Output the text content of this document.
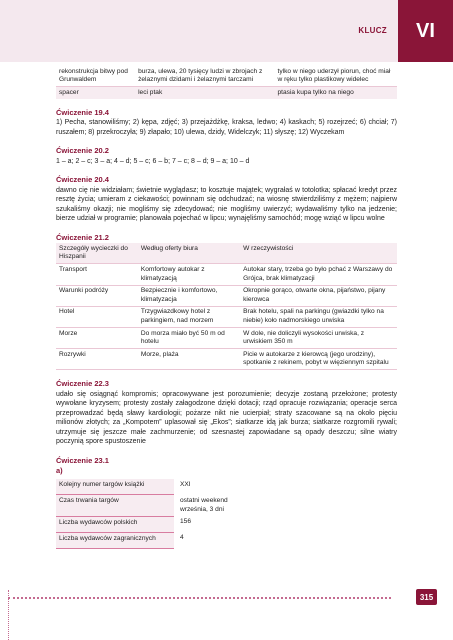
KLUCZ	VI
rekonstrukcja bitwy pod Grunwaldem	burza, ulewa, 20 tysięcy ludzi w zbrojach z żelaznymi dzidami i żelaznymi tarczami	tylko w niego uderzył piorun, choć miał w ręku tylko plastikowy widelec
spacer	leci ptak	ptasia kupa tylko na niego
Ćwiczenie 19.4
1) Pecha, stanowiliśmy; 2) kępa, zdjęć; 3) przejażdżkę, kraksa, ledwo; 4) kaskach; 5) rozejrzeć; 6) chciał; 7) ruszałem; 8) przekroczyła; 9) złapało; 10) ulewa, dzidy, Widelczyk; 11) słyszę; 12) Wyczekam
Ćwiczenie 20.2
1 – a; 2 – c; 3 – a; 4 – d; 5 – c; 6 – b; 7 – c; 8 – d; 9 – a; 10 – d
Ćwiczenie 20.4
dawno cię nie widziałam; świetnie wyglądasz; to kosztuje majątek; wygrałaś w totolotka; spłacać kredyt przez resztę życia; umieram z ciekawości; powinnam się odchudzać; na wiosnę stwierdziliśmy z mężem; najpierw szukaliśmy okazji; nie mogliśmy się zdecydować; nie mogliśmy uwierzyć; wydawaliśmy tylko na jedzenie; bierze udział w programie; planowała pojechać w lipcu; wynajęliśmy samochód; mogę wziąć w lipcu wolne
Ćwiczenie 21.2
Szczegóły wycieczki do Hiszpanii	Według oferty biura	W rzeczywistości
Transport	Komfortowy autokar z klimatyzacją	Autokar stary, trzeba go było pchać z Warszawy do Grójca, brak klimatyzacji
Warunki podróży	Bezpiecznie i komfortowo, klimatyzacja	Okropnie gorąco, otwarte okna, pijaństwo, pijany kierowca
Hotel	Trzygwiazdkowy hotel z parkingiem, nad morzem	Brak hotelu, spali na parkingu (gwiazdki tylko na niebie) koło nadmorskiego urwiska
Morze	Do morza miało być 50 m od hotelu	W dole, nie doliczyli wysokości urwiska, z urwiskiem 350 m
Rozrywki	Morze, plaża	Picie w autokarze z kierowcą (jego urodziny), spotkanie z rekinem, pobyt w więziennym szpitalu
Ćwiczenie 22.3
udało się osiągnąć kompromis; opracowywane jest porozumienie; decyzje zostaną przełożone; protesty wywołane kryzysem; protesty zostały załagodzone dzięki dotacji; rząd opracuje rozwiązania; operacje serca przeprowadzać będą sławy kardiologii; pożarze nikt nie ucierpiał; straty szacowane są na około pięciu milionów złotych; za „Kompotem” uplasował się „Ekos”; siatkarze idą jak burza; siatkarze rozgromili rywali; utrzymuje się jeszcze małe zachmurzenie; od szesnastej zapowiadane są opady deszczu; silne wiatry poczynią spore spustoszenie
Ćwiczenie 23.1
a)
Kolejny numer targów książki	XXI
Czas trwania targów	ostatni weekend września, 3 dni
Liczba wydawców polskich	156
Liczba wydawców zagranicznych	4
315
